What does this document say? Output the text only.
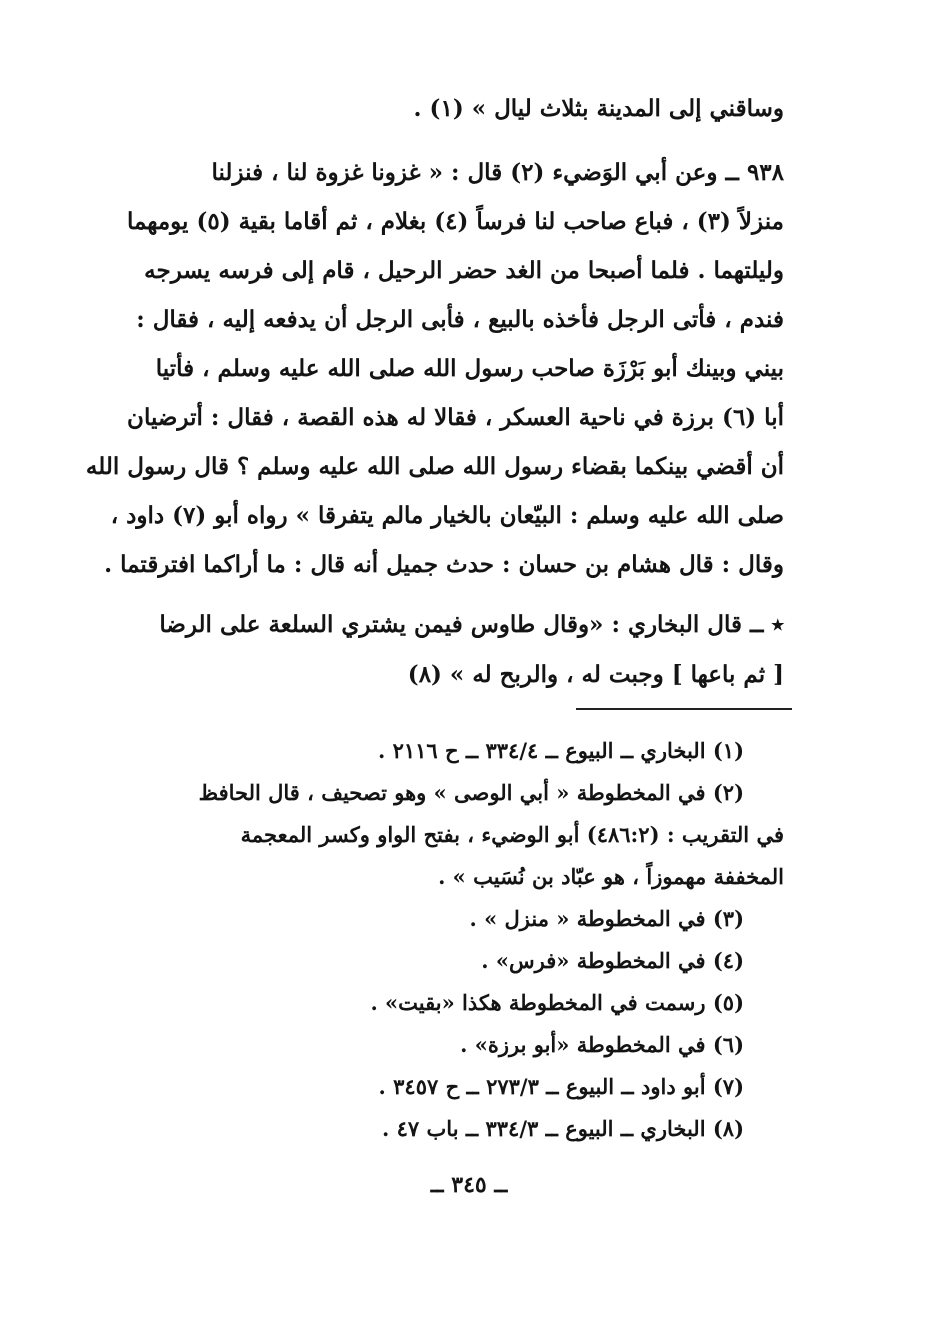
وساقني إلى المدينة بثلاث ليال » (١) .
٩٣٨ ــ وعن أبي الوَضيء (٢) قال : « غزونا غزوة لنا ، فنزلنا
منزلاً (٣) ، فباع صاحب لنا فرساً (٤) بغلام ، ثم أقاما بقية (٥) يومهما
وليلتهما . فلما أصبحا من الغد حضر الرحيل ، قام إلى فرسه يسرجه
فندم ، فأتى الرجل فأخذه بالبيع ، فأبى الرجل أن يدفعه إليه ، فقال :
بيني وبينك أبو بَرْزَة صاحب رسول الله صلى الله عليه وسلم ، فأتيا
أبا (٦) برزة في ناحية العسكر ، فقالا له هذه القصة ، فقال : أترضيان
أن أقضي بينكما بقضاء رسول الله صلى الله عليه وسلم ؟ قال رسول الله
صلى الله عليه وسلم : البيّعان بالخيار مالم يتفرقا » رواه أبو (٧) داود ،
وقال : قال هشام بن حسان : حدث جميل أنه قال : ما أراكما افترقتما .
٭ ــ قال البخاري : «وقال طاوس فيمن يشتري السلعة على الرضا
[ ثم باعها ] وجبت له ، والربح له » (٨)
(١) البخاري ــ البيوع ــ ٣٣٤/٤ ــ ح ٢١١٦ .
(٢) في المخطوطة « أبي الوصى » وهو تصحيف ، قال الحافظ
في التقريب : (٤٨٦:٢) أبو الوضيء ، بفتح الواو وكسر المعجمة
المخففة مهموزاً ، هو عبّاد بن نُسَيب » .
(٣) في المخطوطة « منزل » .
(٤) في المخطوطة «فرس» .
(٥) رسمت في المخطوطة هكذا «بقيت» .
(٦) في المخطوطة «أبو برزة» .
(٧) أبو داود ــ البيوع ــ ٢٧٣/٣ ــ ح ٣٤٥٧ .
(٨) البخاري ــ البيوع ــ ٣٣٤/٣ ــ باب ٤٧ .
ــ ٣٤٥ ــ
